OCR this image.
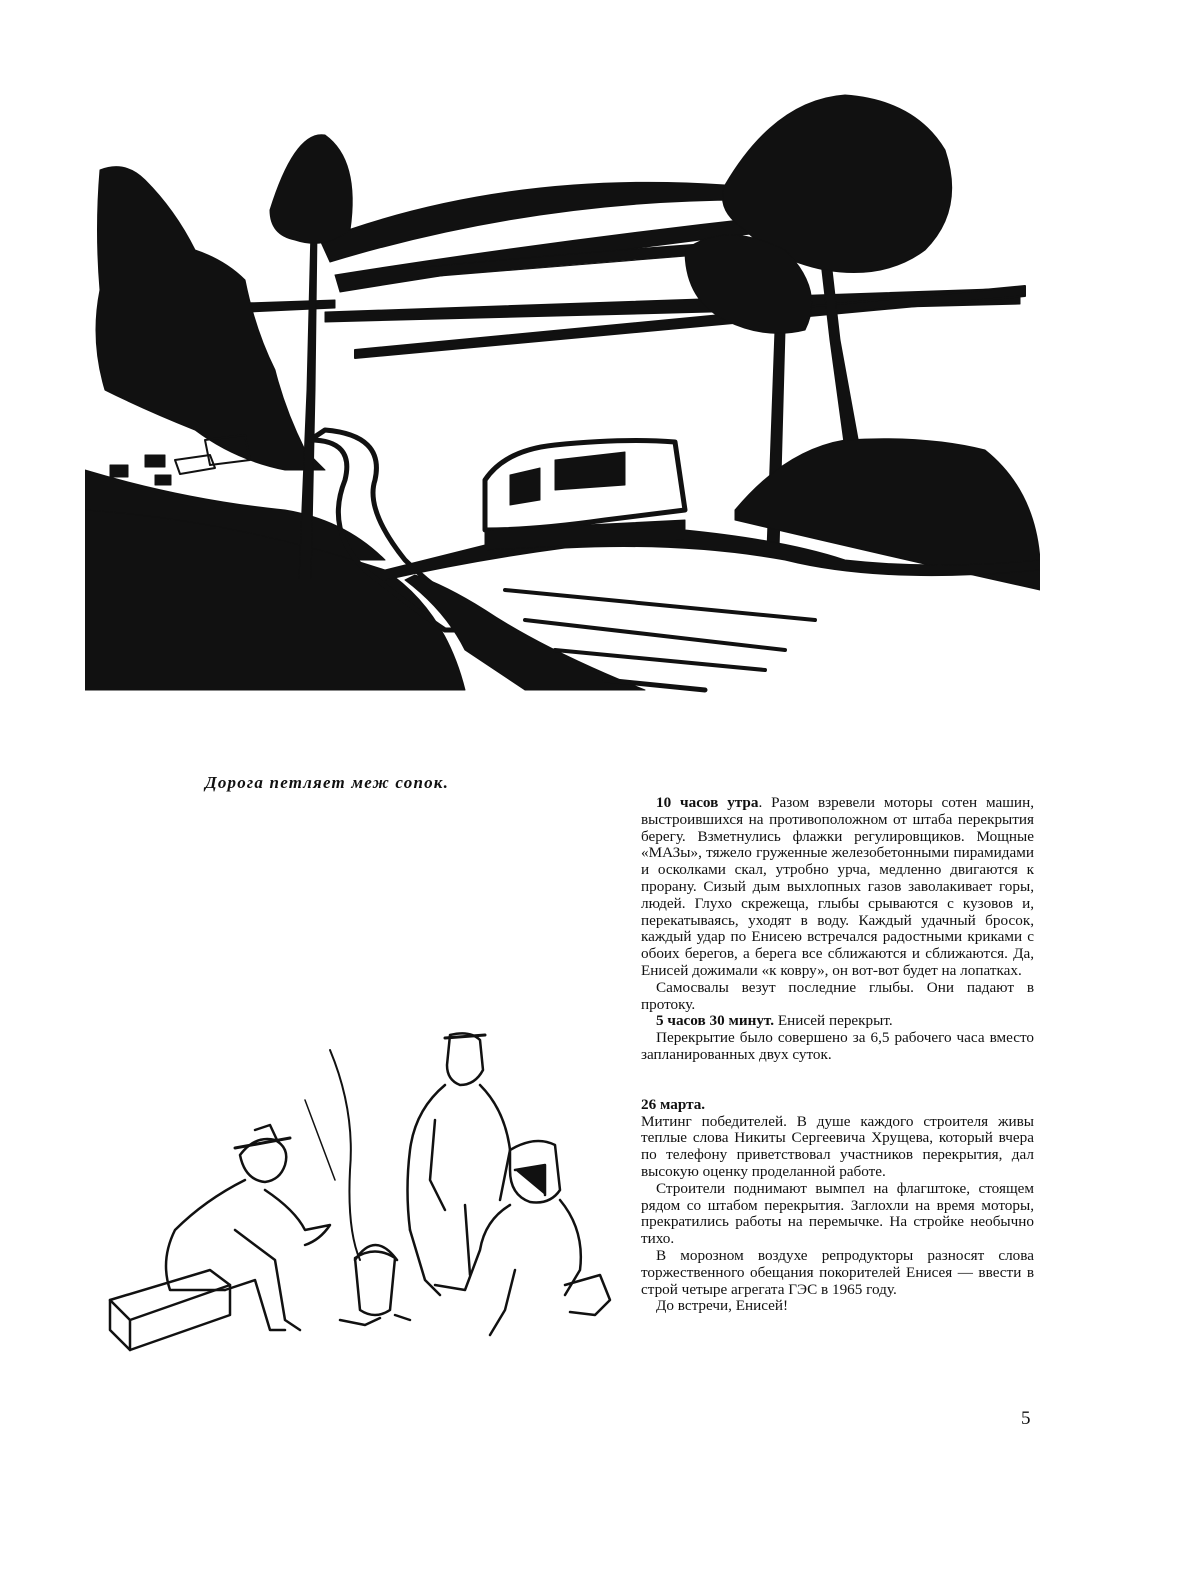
Дорога петляет меж сопок.

10 часов утра. Разом взревели моторы сотен машин, выстроившихся на противоположном от штаба перекрытия берегу. Взметнулись флажки регулировщиков. Мощные «МАЗы», тяжело груженные железобетонными пирамидами и осколками скал, утробно урча, медленно двигаются к прорану. Сизый дым выхлопных газов заволакивает горы, людей. Глухо скрежеща, глыбы срываются с кузовов и, перекатываясь, уходят в воду. Каждый удачный бросок, каждый удар по Енисею встречался радостными криками с обоих берегов, а берега все сближаются и сближаются. Да, Енисей дожимали «к ковру», он вот-вот будет на лопатках.

Самосвалы везут последние глыбы. Они падают в протоку.

5 часов 30 минут. Енисей перекрыт.

Перекрытие было совершено за 6,5 рабочего часа вместо запланированных двух суток.

26 марта.

Митинг победителей. В душе каждого строителя живы теплые слова Никиты Сергеевича Хрущева, который вчера по телефону приветствовал участников перекрытия, дал высокую оценку проделанной работе.

Строители поднимают вымпел на флагштоке, стоящем рядом со штабом перекрытия. Заглохли на время моторы, прекратились работы на перемычке. На стройке необычно тихо.

В морозном воздухе репродукторы разносят слова торжественного обещания покорителей Енисея — ввести в строй четыре агрегата ГЭС в 1965 году.

До встречи, Енисей!

5
